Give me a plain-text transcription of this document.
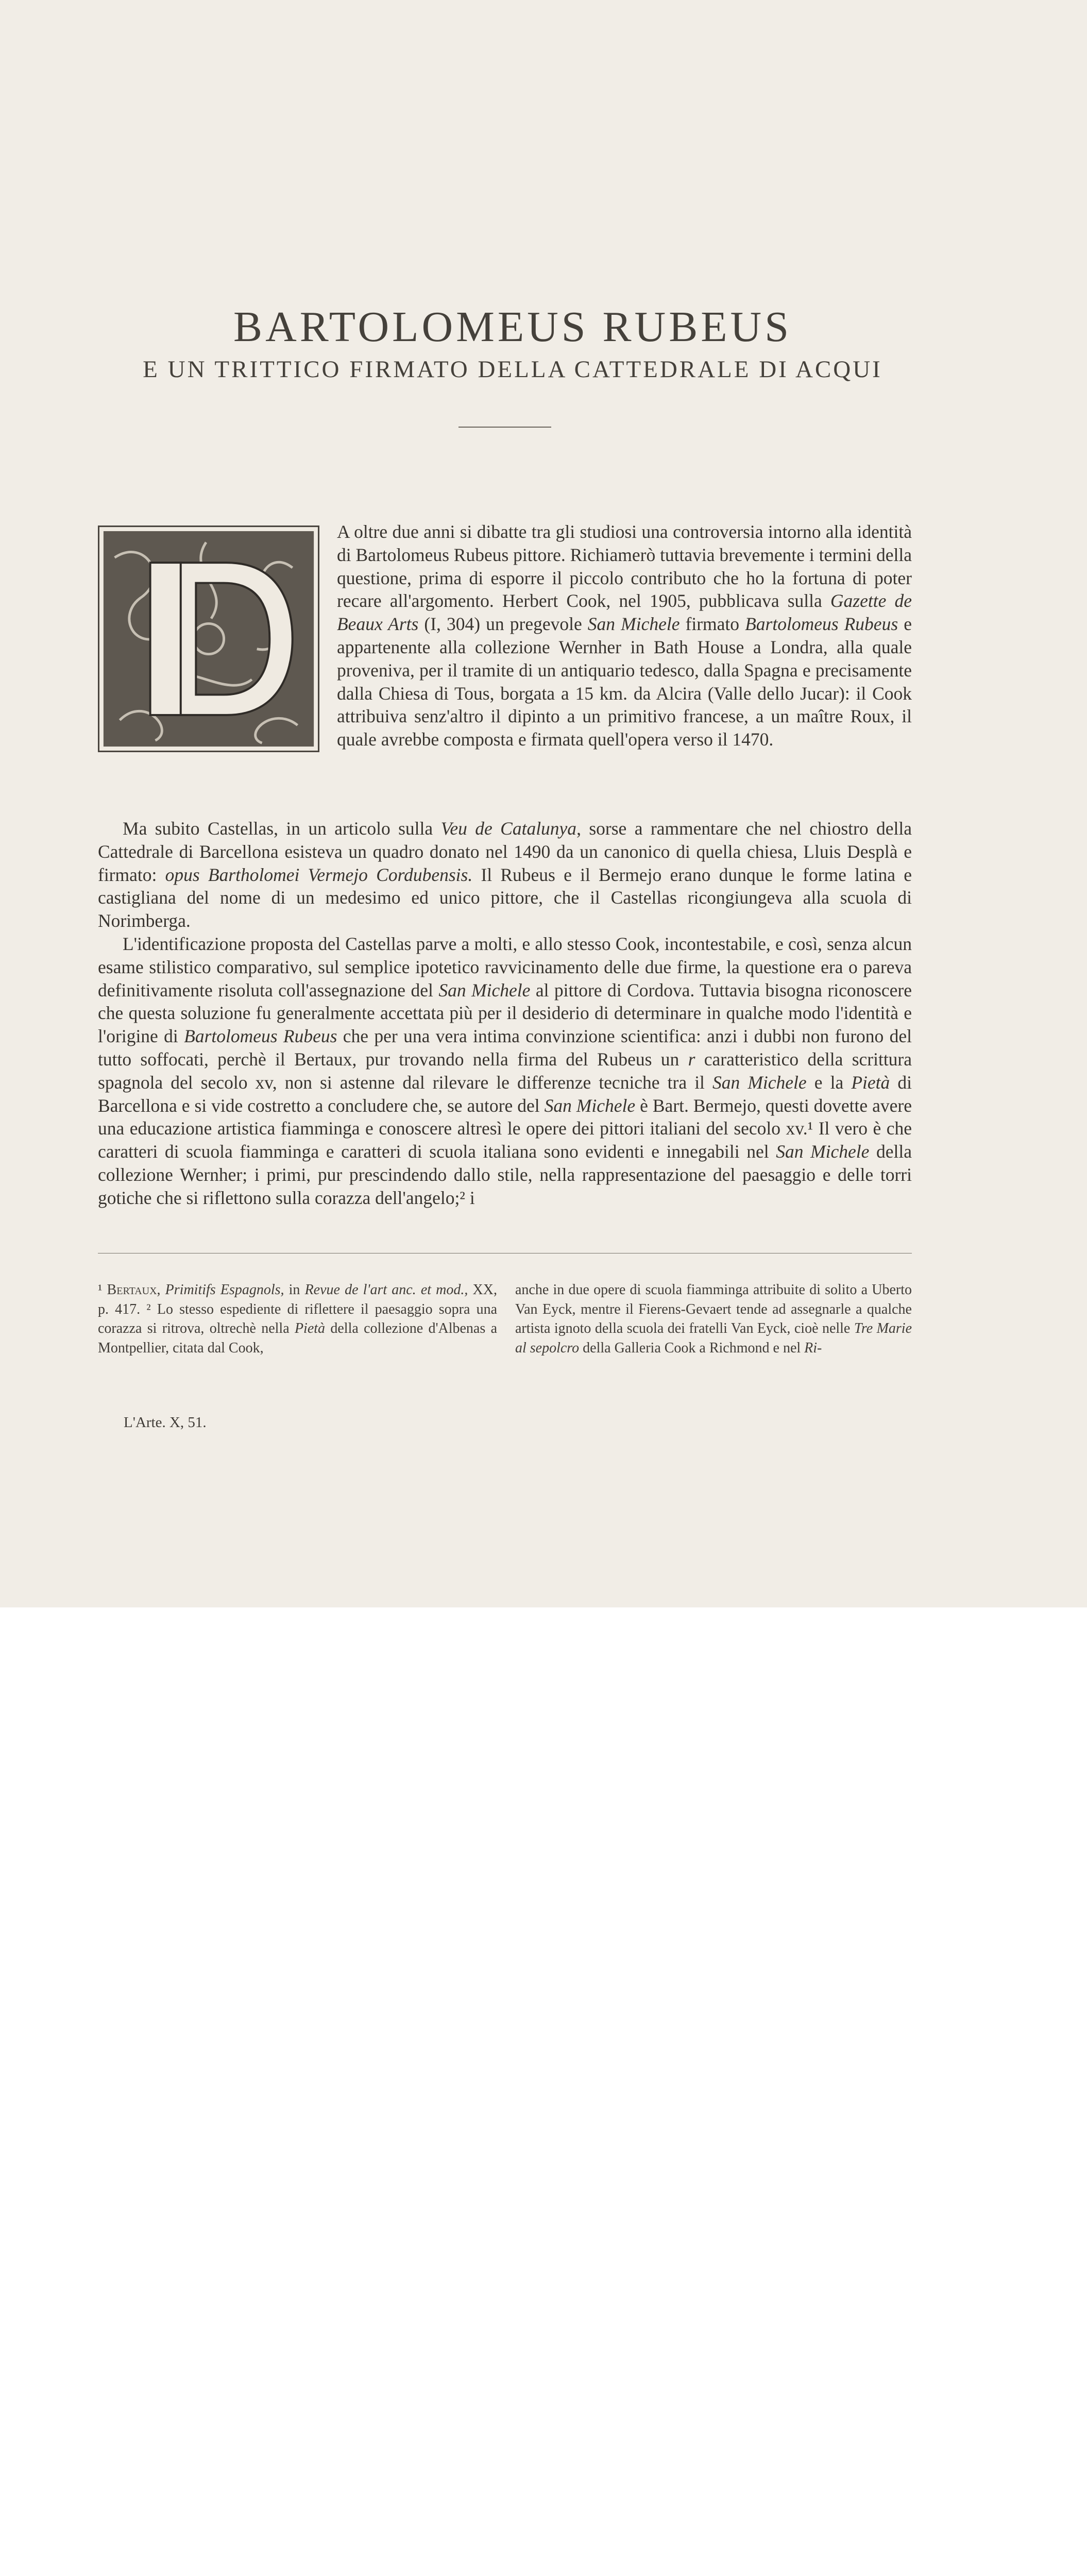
BARTOLOMEUS RUBEUS
E UN TRITTICO FIRMATO DELLA CATTEDRALE DI ACQUI

A oltre due anni si dibatte tra gli studiosi una controversia intorno alla identità di Bartolomeus Rubeus pittore. Richiamerò tuttavia brevemente i termini della questione, prima di esporre il piccolo contributo che ho la fortuna di poter recare all'argomento. Herbert Cook, nel 1905, pubblicava sulla Gazette de Beaux Arts (I, 304) un pregevole San Michele firmato Bartolomeus Rubeus e appartenente alla collezione Wernher in Bath House a Londra, alla quale proveniva, per il tramite di un antiquario tedesco, dalla Spagna e precisamente dalla Chiesa di Tous, borgata a 15 km. da Alcira (Valle dello Jucar): il Cook attribuiva senz'altro il dipinto a un primitivo francese, a un maître Roux, il quale avrebbe composta e firmata quell'opera verso il 1470.

Ma subito Castellas, in un articolo sulla Veu de Catalunya, sorse a rammentare che nel chiostro della Cattedrale di Barcellona esisteva un quadro donato nel 1490 da un canonico di quella chiesa, Lluis Desplà e firmato: opus Bartholomei Vermejo Cordubensis. Il Rubeus e il Bermejo erano dunque le forme latina e castigliana del nome di un medesimo ed unico pittore, che il Castellas ricongiungeva alla scuola di Norimberga.

L'identificazione proposta del Castellas parve a molti, e allo stesso Cook, incontestabile, e così, senza alcun esame stilistico comparativo, sul semplice ipotetico ravvicinamento delle due firme, la questione era o pareva definitivamente risoluta coll'assegnazione del San Michele al pittore di Cordova. Tuttavia bisogna riconoscere che questa soluzione fu generalmente accettata più per il desiderio di determinare in qualche modo l'identità e l'origine di Bartolomeus Rubeus che per una vera intima convinzione scientifica: anzi i dubbi non furono del tutto soffocati, perchè il Bertaux, pur trovando nella firma del Rubeus un r caratteristico della scrittura spagnola del secolo xv, non si astenne dal rilevare le differenze tecniche tra il San Michele e la Pietà di Barcellona e si vide costretto a concludere che, se autore del San Michele è Bart. Bermejo, questi dovette avere una educazione artistica fiamminga e conoscere altresì le opere dei pittori italiani del secolo xv.¹ Il vero è che caratteri di scuola fiamminga e caratteri di scuola italiana sono evidenti e innegabili nel San Michele della collezione Wernher; i primi, pur prescindendo dallo stile, nella rappresentazione del paesaggio e delle torri gotiche che si riflettono sulla corazza dell'angelo;² i

¹ Bertaux, Primitifs Espagnols, in Revue de l'art anc. et mod., XX, p. 417. ² Lo stesso espediente di riflettere il paesaggio sopra una corazza si ritrova, oltrechè nella Pietà della collezione d'Albenas a Montpellier, citata dal Cook,

anche in due opere di scuola fiamminga attribuite di solito a Uberto Van Eyck, mentre il Fierens-Gevaert tende ad assegnarle a qualche artista ignoto della scuola dei fratelli Van Eyck, cioè nelle Tre Marie al sepolcro della Galleria Cook a Richmond e nel Ri-

L'Arte. X, 51.
